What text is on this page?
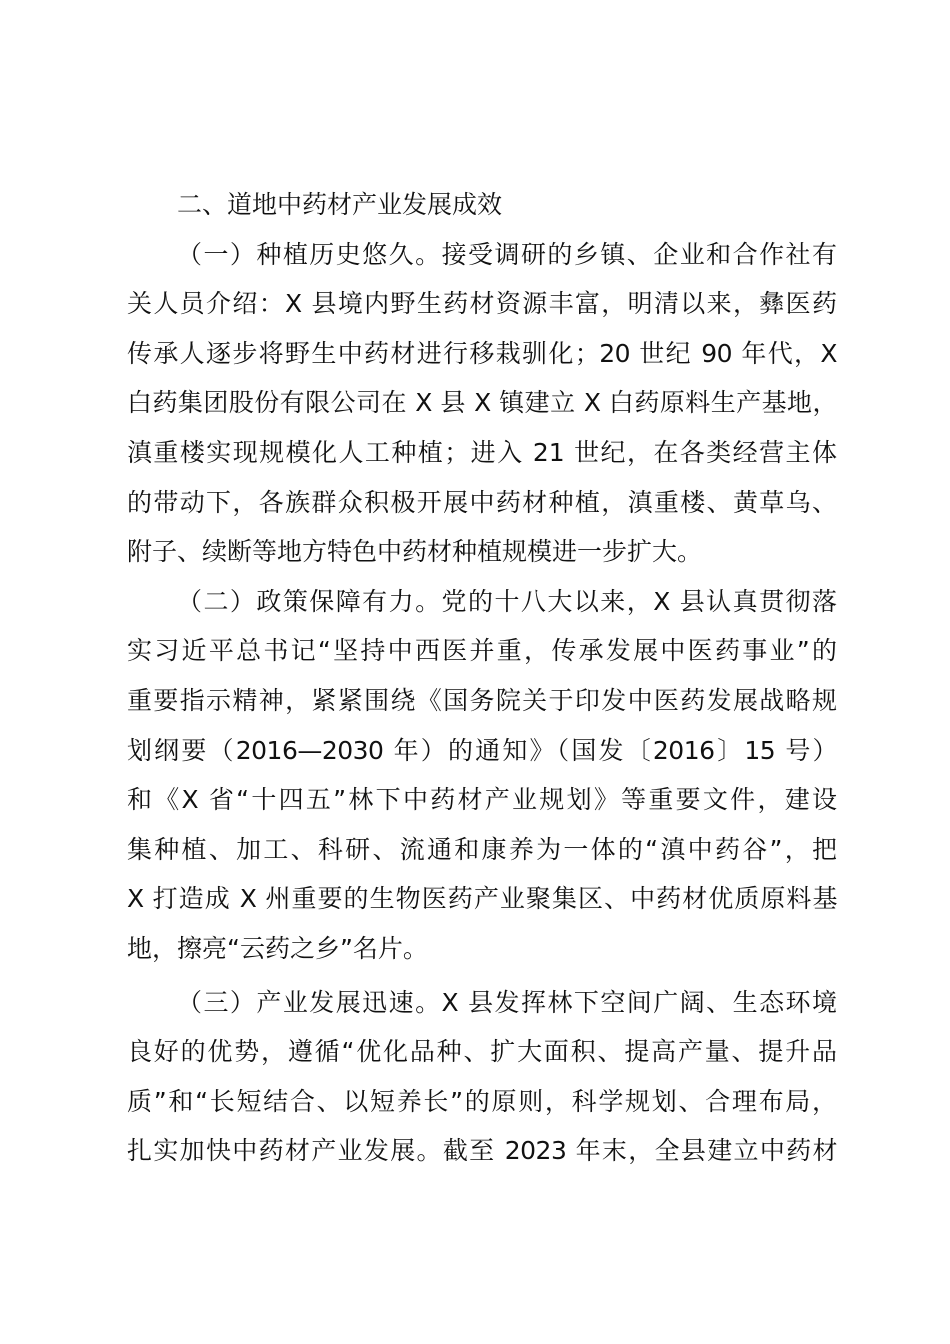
二、道地中药材产业发展成效

（一）种植历史悠久。接受调研的乡镇、企业和合作社有
关人员介绍：X 县境内野生药材资源丰富，明清以来，彝医药
传承人逐步将野生中药材进行移栽驯化；20 世纪 90 年代，X
白药集团股份有限公司在 X 县 X 镇建立 X 白药原料生产基地，
滇重楼实现规模化人工种植；进入 21 世纪，在各类经营主体
的带动下，各族群众积极开展中药材种植，滇重楼、黄草乌、
附子、续断等地方特色中药材种植规模进一步扩大。

（二）政策保障有力。党的十八大以来，X 县认真贯彻落
实习近平总书记“坚持中西医并重，传承发展中医药事业”的
重要指示精神，紧紧围绕《国务院关于印发中医药发展战略规
划纲要（2016—2030 年）的通知》（国发〔2016〕15 号）
和《X 省“十四五”林下中药材产业规划》等重要文件，建设
集种植、加工、科研、流通和康养为一体的“滇中药谷”，把
X 打造成 X 州重要的生物医药产业聚集区、中药材优质原料基
地，擦亮“云药之乡”名片。

（三）产业发展迅速。X 县发挥林下空间广阔、生态环境
良好的优势，遵循“优化品种、扩大面积、提高产量、提升品
质”和“长短结合、以短养长”的原则，科学规划、合理布局，
扎实加快中药材产业发展。截至 2023 年末，全县建立中药材
